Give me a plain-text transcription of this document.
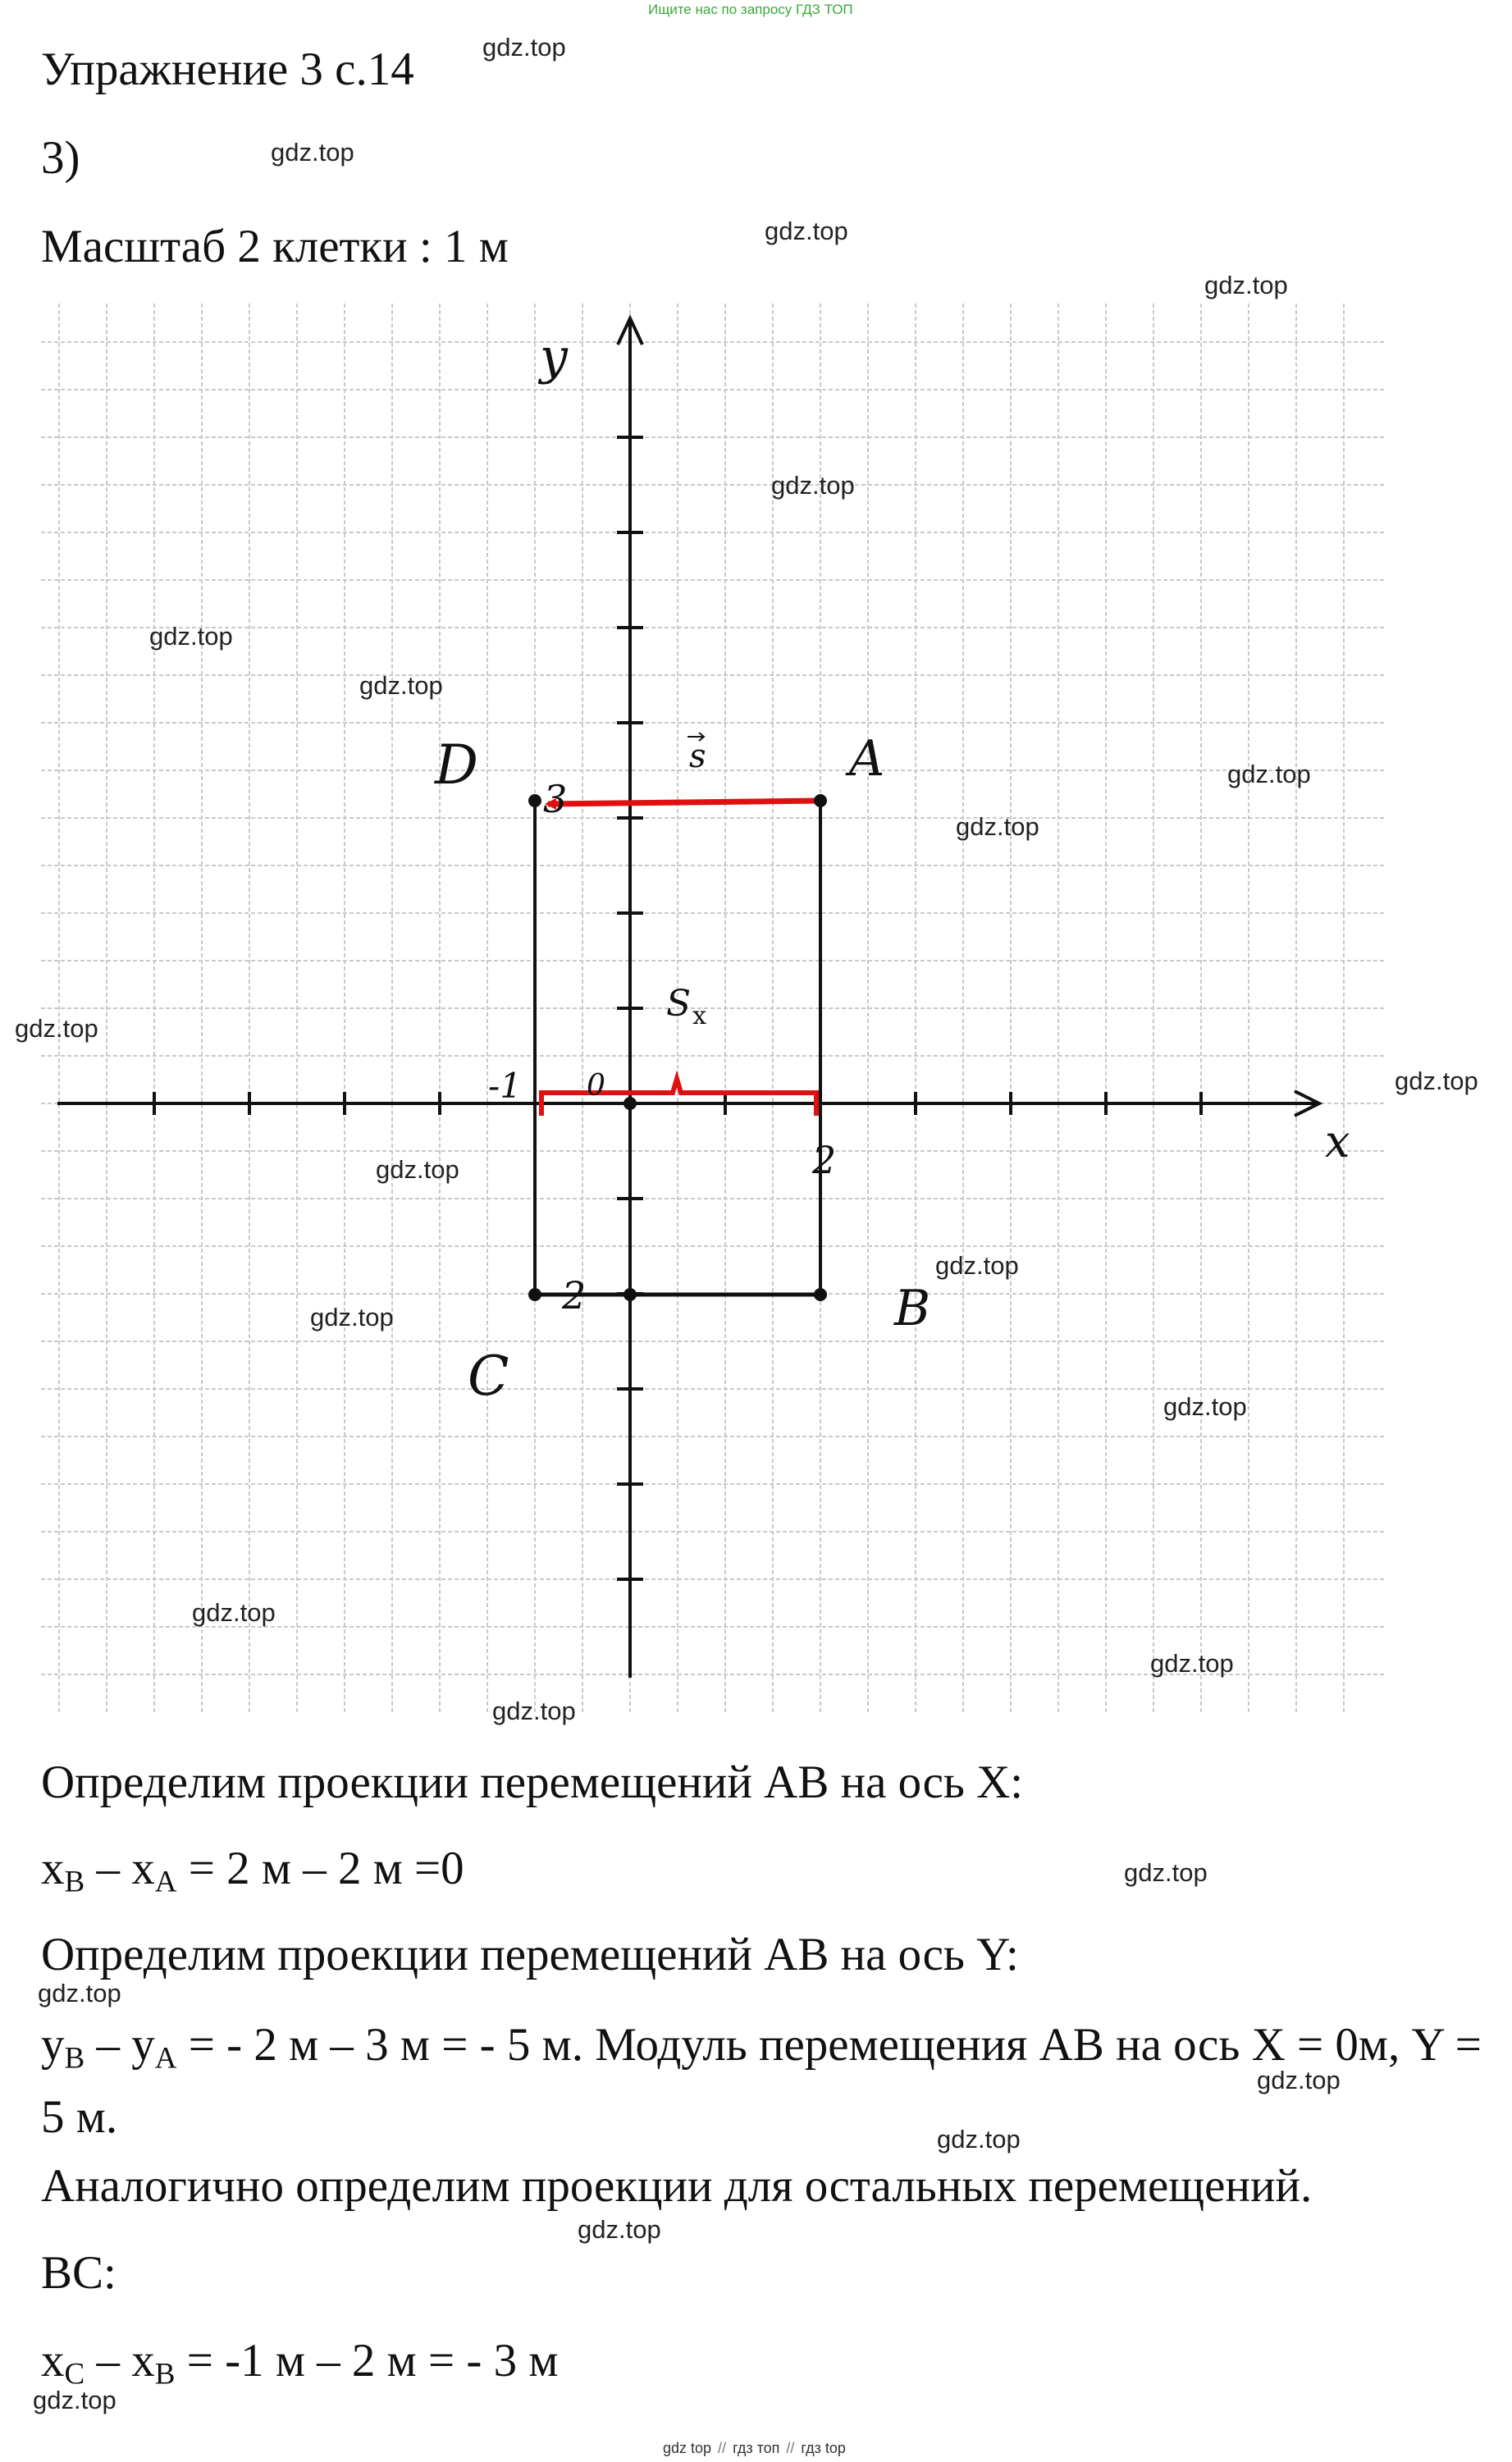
Ищите нас по запросу ГДЗ ТОП
Упражнение 3 с.14
3)
Масштаб 2 клетки : 1 м
x
y
A
B
C
D
0
-1
2
3
2
s
$S_x$
Определим проекции перемещений АВ на ось Х:
$x_B - x_A = 2$ м – 2 м =0
Определим проекции перемещений АВ на ось Y:
$y_B - y_A$ = - 2 м – 3 м = - 5 м. Модуль перемещения АВ на ось Х = 0м, Y = 5 м.
Аналогично определим проекции для остальных перемещений.
ВС:
$x_C - x_B = -1$ м – 2 м = - 3 м
gdz.top
gdz.top
gdz.top
gdz.top
gdz.top
gdz.top
gdz.top
gdz.top
gdz.top
gdz.top
gdz.top
gdz.top
gdz.top
gdz.top
gdz.top
gdz.top
gdz.top
gdz.top
gdz.top
gdz.top
gdz.top
gdz.top
gdz.top
gdz.top
gdz top // гдз топ // гдз top
